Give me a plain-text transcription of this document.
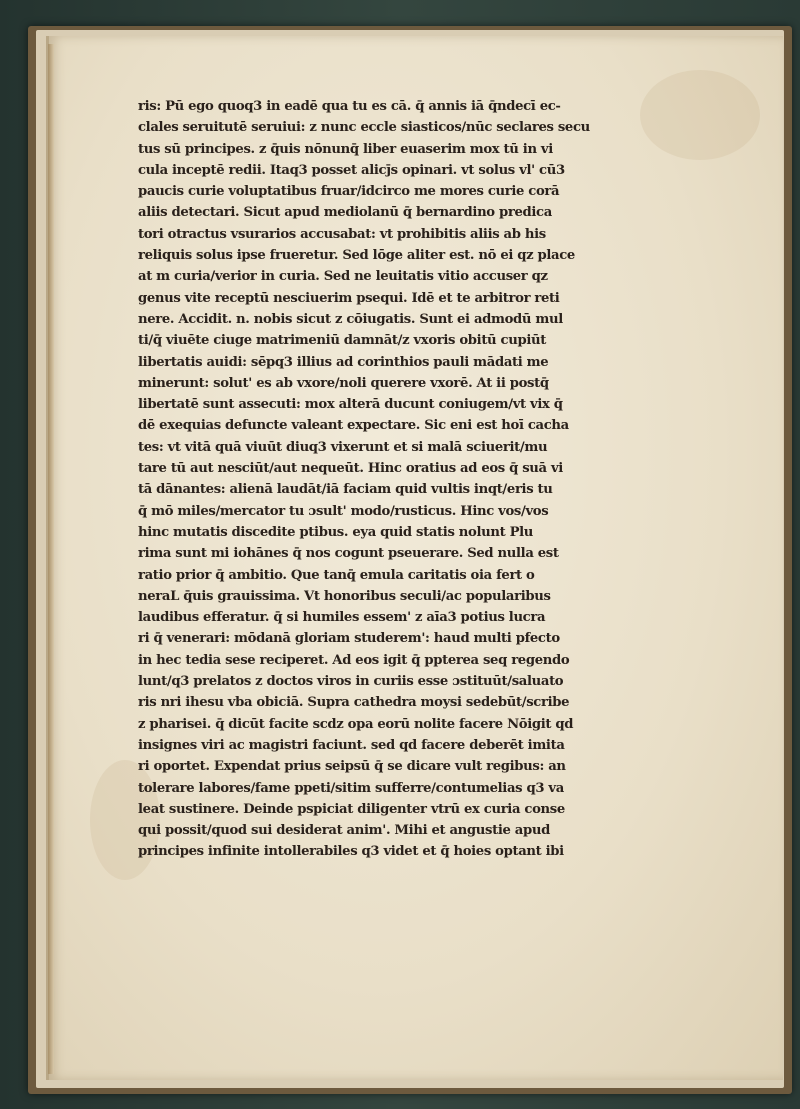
ris: Pū ego quoq3 in eadē qua tu es cā. q̄ annis iā q̄ndecī ec-
clales seruitutē seruiui: z nunc eccle siasticos/nūc seclares secu
tus sū principes. z q̄uis nōnunq̄ liber euaserim mox tū in vi
cula inceptē redii. Itaq3 posset alicj̄s opinari. vt solus vl' cū3
paucis curie voluptatibus fruar/idcirco me mores curie corā
aliis detectari. Sicut apud mediolanū q̄ bernardino predica
tori otractus vsurarios accusabat: vt prohibitis aliis ab his
reliquis solus ipse frueretur. Sed lōge aliter est. nō ei qz place
at m curia/verior in curia. Sed ne leuitatis vitio accuser qz
genus vite receptū nesciuerim psequi. Idē et te arbitror reti
nere. Accidit. n. nobis sicut z cōiugatis. Sunt ei admodū mul
ti/q̄ viuēte ciuge matrimeniū damnāt/z vxoris obitū cupiūt
libertatis auidi: sēpq3 illius ad corinthios pauli mādati me
minerunt: solut' es ab vxore/noli querere vxorē. At ii postq̄
libertatē sunt assecuti: mox alterā ducunt coniugem/vt vix q̄
dē exequias defuncte valeant expectare. Sic eni est hoī cacha
tes: vt vitā quā viuūt diuq3 vixerunt et si malā sciuerit/mu
tare tū aut nesciūt/aut nequeūt. Hinc oratius ad eos q̄ suā vi
tā dānantes: alienā laudāt/iā faciam quid vultis inqt/eris tu
q̄ mō miles/mercator tu ɔsult' modo/rusticus. Hinc vos/vos
hinc mutatis discedite ptibus. eya quid statis nolunt Plu
rima sunt mi iohānes q̄ nos cogunt pseuerare. Sed nulla est
ratio prior q̄ ambitio. Que tanq̄ emula caritatis oia fert o
neraL q̄uis grauissima. Vt honoribus seculi/ac popularibus
laudibus efferatur. q̄ si humiles essem' z aīa3 potius lucra
ri q̄ venerari: mōdanā gloriam studerem': haud multi pfecto
in hec tedia sese reciperet. Ad eos igit q̄ ppterea seq regendo
lunt/q3 prelatos z doctos viros in curiis esse ɔstituūt/saluato
ris nri ihesu vba obiciā. Supra cathedra moysi sedebūt/scribe
z pharisei. q̄ dicūt facite scdz opa eorū nolite facere Nōigit qd
insignes viri ac magistri faciunt. sed qd facere deberēt imita
ri oportet. Expendat prius seipsū q̄ se dicare vult regibus: an
tolerare labores/fame ppeti/sitim sufferre/contumelias q3 va
leat sustinere. Deinde pspiciat diligenter vtrū ex curia conse
qui possit/quod sui desiderat anim'. Mihi et angustie apud
principes infinite intollerabiles q3 videt et q̄ hoies optant ibi
